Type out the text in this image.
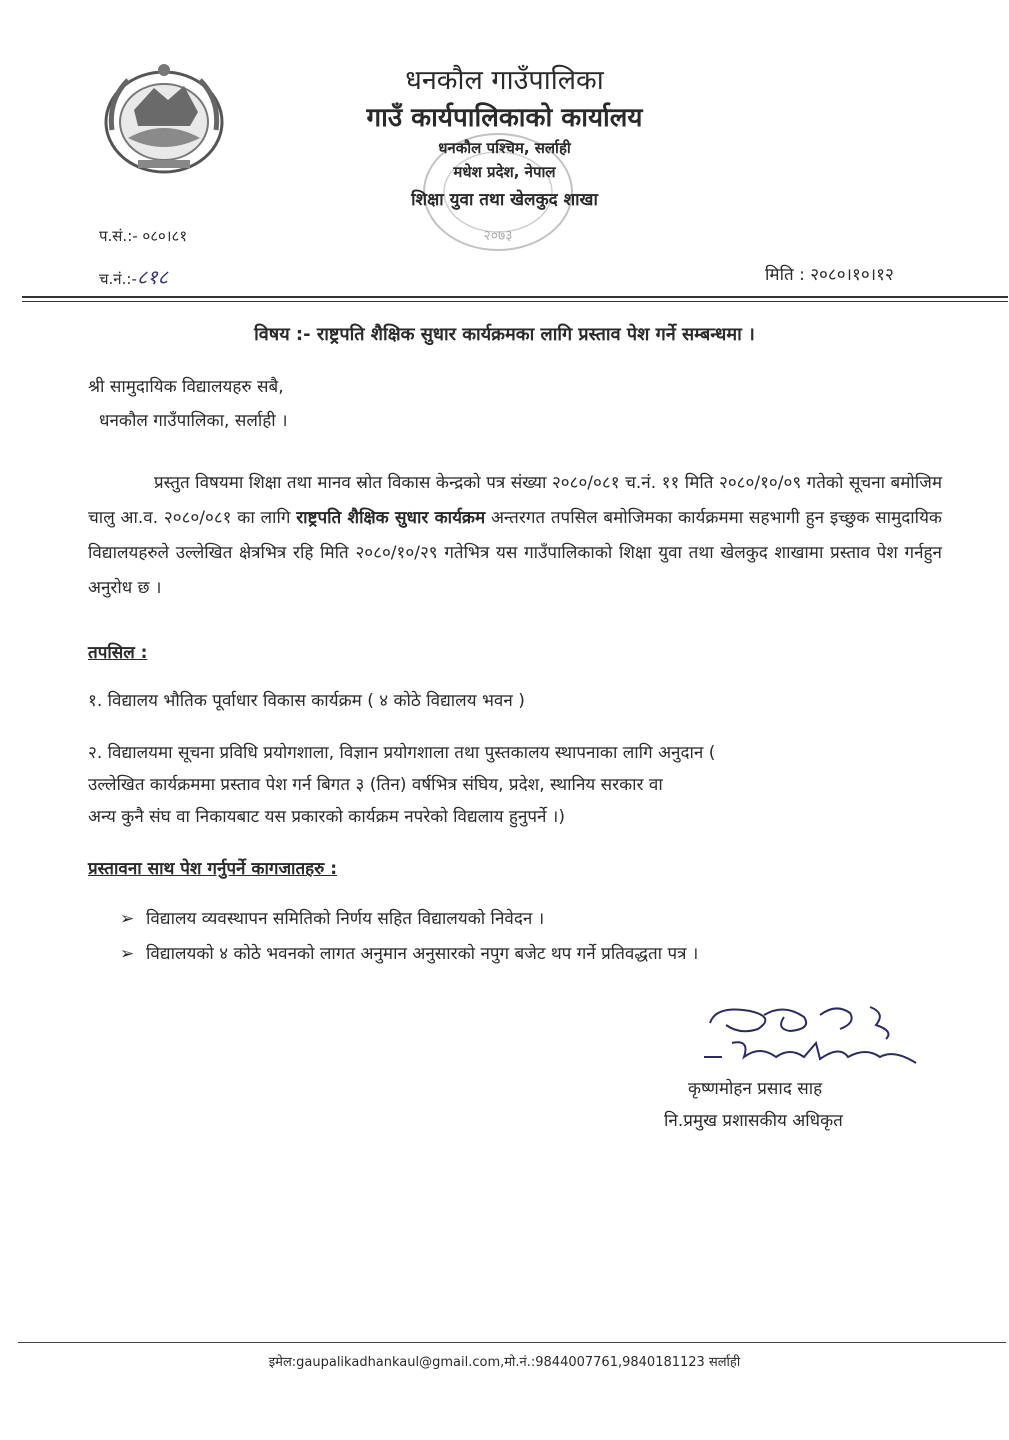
२०७३
धनकौल गाउँपालिका
गाउँ कार्यपालिकाको कार्यालय
धनकौल पश्चिम, सर्लाही
मधेश प्रदेश, नेपाल
शिक्षा युवा तथा खेलकुद शाखा
प.सं.:- ०८०।८१
च.नं.:-८१८	मिति : २०८०।१०।१२
विषय :- राष्ट्रपति शैक्षिक सुधार कार्यक्रमका लागि प्रस्ताव पेश गर्ने सम्बन्धमा ।
श्री सामुदायिक विद्यालयहरु सबै,
धनकौल गाउँपालिका, सर्लाही ।
प्रस्तुत विषयमा शिक्षा तथा मानव स्रोत विकास केन्द्रको पत्र संख्या २०८०/०८१ च.नं. ११ मिति २०८०/१०/०९ गतेको सूचना बमोजिम चालु आ.व. २०८०/०८१ का लागि राष्ट्रपति शैक्षिक सुधार कार्यक्रम अन्तरगत तपसिल बमोजिमका कार्यक्रममा सहभागी हुन इच्छुक सामुदायिक विद्यालयहरुले उल्लेखित क्षेत्रभित्र रहि मिति २०८०/१०/२९ गतेभित्र यस गाउँपालिकाको शिक्षा युवा तथा खेलकुद शाखामा प्रस्ताव पेश गर्नहुन अनुरोध छ ।
तपसिल :
१. विद्यालय भौतिक पूर्वाधार विकास कार्यक्रम ( ४ कोठे विद्यालय भवन )
२. विद्यालयमा सूचना प्रविधि प्रयोगशाला, विज्ञान प्रयोगशाला तथा पुस्तकालय स्थापनाका लागि अनुदान (
उल्लेखित कार्यक्रममा प्रस्ताव पेश गर्न बिगत ३ (तिन) वर्षभित्र संघिय, प्रदेश, स्थानिय सरकार वा
अन्य कुनै संघ वा निकायबाट यस प्रकारको कार्यक्रम नपरेको विद्यलाय हुनुपर्ने ।)
प्रस्तावना साथ पेश गर्नुपर्ने कागजातहरु :
➢ विद्यालय व्यवस्थापन समितिको निर्णय सहित विद्यालयको निवेदन ।
➢ विद्यालयको ४ कोठे भवनको लागत अनुमान अनुसारको नपुग बजेट थप गर्ने प्रतिवद्धता पत्र ।
कृष्णमोहन प्रसाद साह
नि.प्रमुख प्रशासकीय अधिकृत
इमेल:gaupalikadhankaul@gmail.com,मो.नं.:9844007761,9840181123 सर्लाही
